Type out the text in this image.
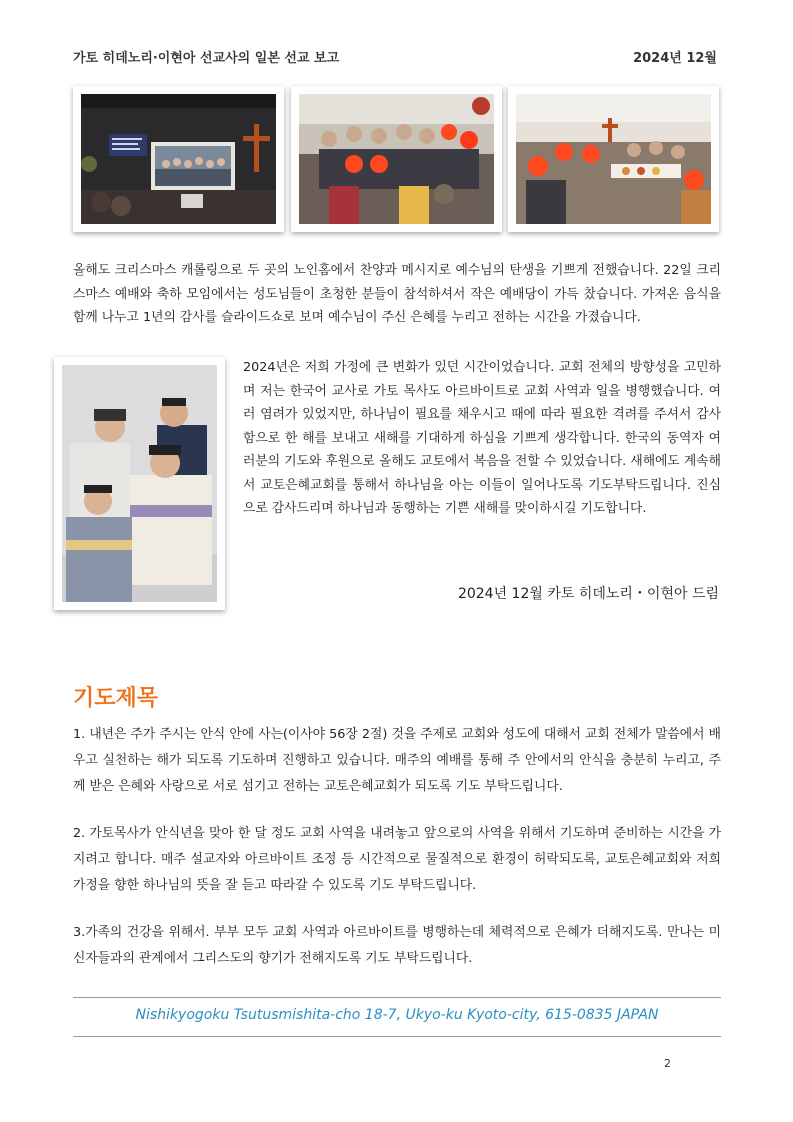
가토 히데노리·이현아 선교사의 일본 선교 보고	2024년 12월
올해도 크리스마스 캐롤링으로 두 곳의 노인홈에서 찬양과 메시지로 예수님의 탄생을 기쁘게 전했습니다. 22일 크리스마스 예배와 축하 모임에서는 성도님들이 초청한 분들이 참석하셔서 작은 예배당이 가득 찼습니다. 가져온 음식을 함께 나누고 1년의 감사를 슬라이드쇼로 보며 예수님이 주신 은혜를 누리고 전하는 시간을 가졌습니다.
2024년은 저희 가정에 큰 변화가 있던 시간이었습니다. 교회 전체의 방향성을 고민하며 저는 한국어 교사로 가토 목사도 아르바이트로 교회 사역과 일을 병행했습니다. 여러 염려가 있었지만, 하나님이 필요를 채우시고 때에 따라 필요한 격려를 주셔서 감사함으로 한 해를 보내고 새해를 기대하게 하심을 기쁘게 생각합니다. 한국의 동역자 여러분의 기도와 후원으로 올해도 교토에서 복음을 전할 수 있었습니다. 새해에도 계속해서 교토은혜교회를 통해서 하나님을 아는 이들이 일어나도록 기도부탁드립니다. 진심으로 감사드리며 하나님과 동행하는 기쁜 새해를 맞이하시길 기도합니다.
2024년 12월 카토 히데노리・이현아 드림
기도제목
1. 내년은 주가 주시는 안식 안에 사는(이사야 56장 2절) 것을 주제로 교회와 성도에 대해서 교회 전체가 말씀에서 배우고 실천하는 해가 되도록 기도하며 진행하고 있습니다. 매주의 예배를 통해 주 안에서의 안식을 충분히 누리고, 주께 받은 은혜와 사랑으로 서로 섬기고 전하는 교토은혜교회가 되도록 기도 부탁드립니다.
2. 가토목사가 안식년을 맞아 한 달 정도 교회 사역을 내려놓고 앞으로의 사역을 위해서 기도하며 준비하는 시간을 가지려고 합니다. 매주 설교자와 아르바이트 조정 등 시간적으로 물질적으로 환경이 허락되도록, 교토은혜교회와 저희 가정을 향한 하나님의 뜻을 잘 듣고 따라갈 수 있도록 기도 부탁드립니다.
3.가족의 건강을 위해서. 부부 모두 교회 사역과 아르바이트를 병행하는데 체력적으로 은혜가 더해지도록. 만나는 미신자들과의 관계에서 그리스도의 향기가 전해지도록 기도 부탁드립니다.
Nishikyogoku Tsutusmishita-cho 18-7, Ukyo-ku Kyoto-city, 615-0835 JAPAN
2
